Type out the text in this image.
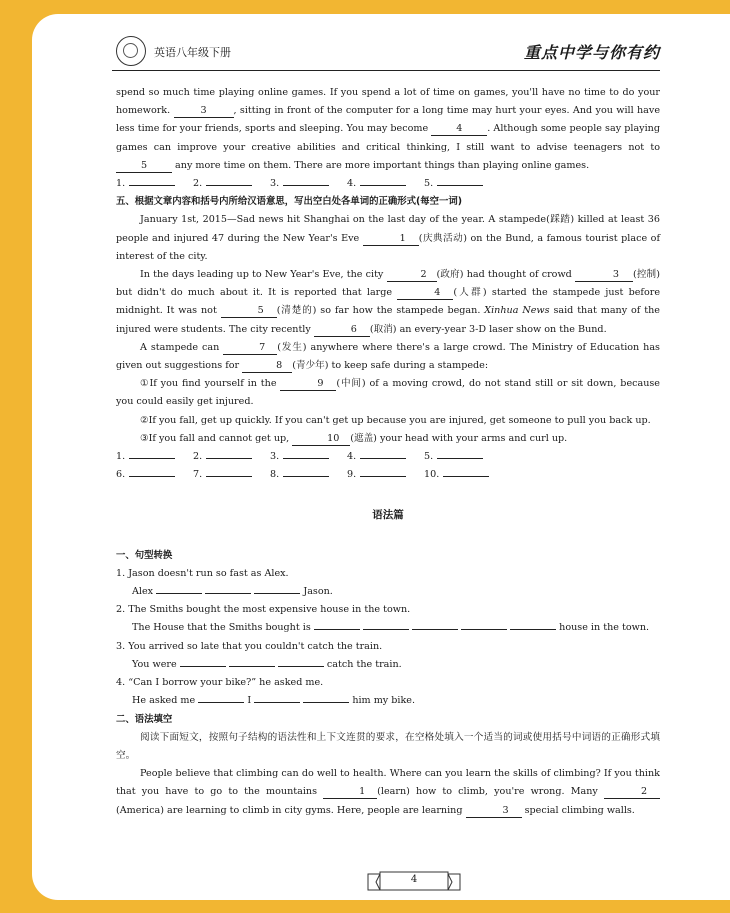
英语八年级下册	重点中学与你有约

spend so much time playing online games. If you spend a lot of time on games, you'll have no time to do your homework.	3	, sitting in front of the computer for a long time may hurt your eyes. And you will have less time for your friends, sports and sleeping. You may become	4	. Although some people say playing games can improve your creative abilities and critical thinking, I still want to advise teenagers not to 5	any more time on them. There are more important things than playing online games.

1.	2.	3.	4.	5.

五、根据文章内容和括号内所给汉语意思，写出空白处各单词的正确形式(每空一词)

January 1st, 2015—Sad news hit Shanghai on the last day of the year. A stampede(踩踏) killed at least 36 people and injured 47 during the New Year's Eve	1 (庆典活动) on the Bund, a famous tourist place of interest of the city.

In the days leading up to New Year's Eve, the city	2 (政府) had thought of crowd	3 (控制) but didn't do much about it. It is reported that large	4 (人群) started the stampede just before midnight. It was not	5 (清楚的) so far how the stampede began. Xinhua News said that many of the injured were students. The city recently	6 (取消) an every-year 3-D laser show on the Bund.

A stampede can	7 (发生) anywhere where there's a large crowd. The Ministry of Education has given out suggestions for	8 (青少年) to keep safe during a stampede:

①If you find yourself in the	9 (中间) of a moving crowd, do not stand still or sit down, because you could easily get injured.

②If you fall, get up quickly. If you can't get up because you are injured, get someone to pull you back up.

③If you fall and cannot get up,	10 (遮盖) your head with your arms and curl up.

1.	2.	3.	4.	5.
6.	7.	8.	9.	10.

语法篇

一、句型转换

1. Jason doesn't run so fast as Alex.

Alex	Jason.

2. The Smiths bought the most expensive house in the town.

The House that the Smiths bought is	house in the town.

3. You arrived so late that you couldn't catch the train.

You were	catch the train.

4. “Can I borrow your bike?” he asked me.

He asked me	I	him my bike.

二、语法填空

阅读下面短文，按照句子结构的语法性和上下文连贯的要求，在空格处填入一个适当的词或使用括号中词语的正确形式填空。

People believe that climbing can do well to health. Where can you learn the skills of climbing? If you think that you have to go to the mountains	1 (learn) how to climb, you're wrong. Many	2(America) are learning to climb in city gyms. Here, people are learning	3 special climbing walls.

4
